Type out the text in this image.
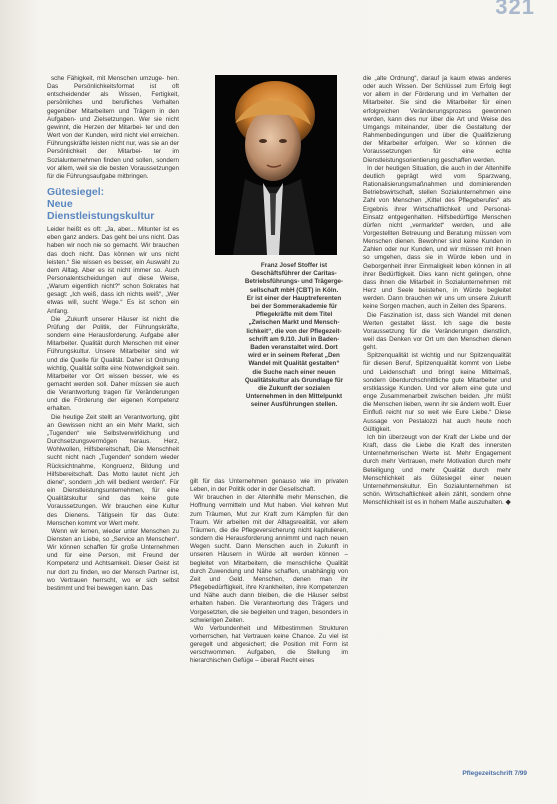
321

sche Fähigkeit, mit Menschen umzuge- hen. Das Persönlichkeitsformat ist oft entscheidender als Wissen, Fertigkeit, persönliches und berufliches Verhalten gegenüber Mitarbeitern und Trägern in den Aufgaben- und Zielsetzungen. Wer sie nicht gewinnt, die Herzen der Mitarbei- ter und den Wert von der Kunden, wird nicht viel erreichen. Führungskräfte leisten nicht nur, was sie an der Persönlichkeit der Mitarbei- ter im Sozialunternehmen finden und sollen, sondern vor allem, weil sie die besten Voraussetzungen für die Führungsaufgabe mitbringen.

Gütesiegel:
Neue Dienstleistungskultur

Leider heißt es oft: „Ja, aber... Mitunter ist es eben ganz anders. Das geht bei uns nicht. Das haben wir noch nie so gemacht. Wir brauchen das doch nicht. Das können wir uns nicht leisten.“ Sie wissen es besser, ein Auswahl zu dem Alltag. Aber es ist nicht immer so. Auch Personalentscheidungen auf diese Weise, „Warum eigentlich nicht?“ schon Sokrates hat gesagt: „Ich weiß, dass ich nichts weiß“, „Wer etwas will, sucht Wege.“ Es ist schon ein Anfang.

Die „Zukunft unserer Häuser ist nicht die Prüfung der Politik, der Führungskräfte, sondern eine Herausforderung. Aufgabe aller Mitarbeiter. Qualität durch Menschen mit einer Führungskultur. Unsere Mitarbeiter sind wir und die Quelle für Qualität. Daher ist Ordnung wichtig, Qualität sollte eine Notwendigkeit sein. Mitarbeiter vor Ort wissen besser, wie es gemacht werden soll. Daher müssen sie auch die Verantwortung tragen für Veränderungen und die Förderung der eigenen Kompetenz erhalten.

Die heutige Zeit stellt an Verantwortung, gibt an Gewissen nicht an ein Mehr Markt, sich „Tugenden“ wie Selbstverwirklichung und Durchsetzungsvermögen heraus. Herz, Wohlwollen, Hilfsbereitschaft, Die Menschheit sucht nicht nach „Tugenden“ sondern wieder Rücksichtnahme, Kongruenz, Bildung und Hilfsbereitschaft. Das Motto lautet nicht „ich diene“, sondern „ich will bedient werden“. Für ein Dienstleistungsunternehmen, für eine Qualitätskultur sind das keine gute Voraussetzungen. Wir brauchen eine Kultur des Dienens. Tätigsein für das Gute: Menschen kommt vor Wert mehr.

Wenn wir lernen, wieder unter Menschen zu Diensten an Liebe, so „Service an Menschen“. Wir können schaffen für große Unternehmen und für eine Person, mit Freund der Kompetenz und Achtsamkeit. Dieser Geist ist nur dort zu finden, wo der Mensch Partner ist, wo Vertrauen herrscht, wo er sich selbst bestimmt und frei bewegen kann. Das

Franz Josef Stoffer ist

Geschäftsführer der Caritas-

Betriebsführungs- und Trägerge-

sellschaft mbH (CBT) in Köln.

Er ist einer der Hauptreferenten

bei der Sommerakademie für

Pflegekräfte mit dem Titel

„Zwischen Markt und Mensch-

lichkeit“, die von der Pflegezeit-

schrift am 9./10. Juli in Baden-

Baden veranstaltet wird. Dort

wird er in seinem Referat „Den

Wandel mit Qualität gestalten“

die Suche nach einer neuen

Qualitätskultur als Grundlage für

die Zukunft der sozialen

Unternehmen in den Mittelpunkt

seiner Ausführungen stellen.

gilt für das Unternehmen genauso wie im privaten Leben, in der Politik oder in der Gesellschaft.

Wir brauchen in der Altenhilfe mehr Menschen, die Hoffnung vermitteln und Mut haben. Viel kehren Mut zum Träumen, Mut zur Kraft zum Kämpfen für den Traum. Wir arbeiten mit der Alltagsrealität, vor allem Träumen, die die Pflegeversicherung nicht kapitulieren, sondern die Herausforderung annimmt und nach neuen Wegen sucht. Dann Menschen auch in Zukunft in unseren Häusern in Würde alt werden können – begleitet von Mitarbeitern, die menschliche Qualität durch Zuwendung und Nähe schaffen, unabhängig von Zeit und Geld. Menschen, denen man ihr Pflegebedürftigkeit, ihre Krankheiten, ihre Kompetenzen und Nähe auch dann bleiben, die die Häuser selbst erhalten haben. Die Verantwortung des Trägers und Vorgesetzten, die sie begleiten und tragen, besonders in schwierigen Zeiten.

Wo Verbundenheit und Mitbestimmen Strukturen vorherrschen, hat Vertrauen keine Chance. Zu viel ist geregelt und abgesichert; die Position mit Form ist verschwommen. Aufgaben, die Stellung im hierarchischen Gefüge – überall Recht eines

die „alte Ordnung“, darauf ja kaum etwas anderes oder auch Wissen. Der Schlüssel zum Erfolg liegt vor allem in der Förderung und im Verhalten der Mitarbeiter. Sie sind die Mitarbeiter für einen erfolgreichen Veränderungsprozess gewonnen werden, kann dies nur über die Art und Weise des Umgangs miteinander, über die Gestaltung der Rahmenbedingungen und über die Qualifizierung der Mitarbeiter erfolgen. Wer so können die Voraussetzungen für eine echte Dienstleistungsorientierung geschaffen werden.

In der heutigen Situation, die auch in der Altenhilfe deutlich geprägt wird vom Sparzwang, Rationalisierungsmaßnahmen und dominierenden Betriebswirtschaft, stellen Sozialunternehmen eine Zahl von Menschen „Kittel des Pflegeberufes“ als Ergebnis ihrer Wirtschaftlichkeit und Personal-Einsatz entgegenhalten. Hilfsbedürftige Menschen dürfen nicht „vermarktet“ werden, und alle Vorgestellten Betreuung und Beratung müssen vom Menschen dienen. Bewohner sind keine Kunden in Zahlen oder nur Kunden, und wir müssen mit ihnen so umgehen, dass sie in Würde leben und in Geborgenheit ihrer Einmaligkeit leben können in all ihrer Bedürftigkeit. Dies kann nicht gelingen, ohne dass ihnen die Mitarbeit in Sozialunternehmen mit Herz und Seele beistehen, in Würde begleitet werden. Dann brauchen wir uns um unsere Zukunft keine Sorgen machen, auch in Zeiten des Sparens.

Die Faszination ist, dass sich Wandel mit denen Werten gestaltet lässt. Ich sage die beste Voraussetzung für die Veränderungen dienstlich, weil das Denken vor Ort um den Menschen dienen geht.

Spitzenqualität ist wichtig und nur Spitzenqualität für diesen Beruf, Spitzenqualität kommt von Liebe und Leidenschaft und bringt keine Mittelmaß, sondern überdurchschnittliche gute Mitarbeiter und erstklassige Kunden. Und vor allem eine gute und enge Zusammenarbeit zwischen beiden. „Ihr müßt die Menschen lieben, wenn ihr sie ändern wollt. Euer Einfluß reicht nur so weit wie Eure Liebe.“ Diese Aussage von Pestalozzi hat auch heute noch Gültigkeit.

Ich bin überzeugt von der Kraft der Liebe und der Kraft, dass die Liebe die Kraft des innersten Unternehmerischen Werte ist. Mehr Engagement durch mehr Vertrauen, mehr Motivation durch mehr Beteiligung und mehr Qualität durch mehr Menschlichkeit als Gütesiegel einer neuen Unternehmenskultur. Ein Sozialunternehmen ist schön. Wirtschaftlichkeit allein zählt, sondern ohne Menschlichkeit ist es in hohem Maße auszuhalten. ◆

Pflegezeitschrift 7/99
